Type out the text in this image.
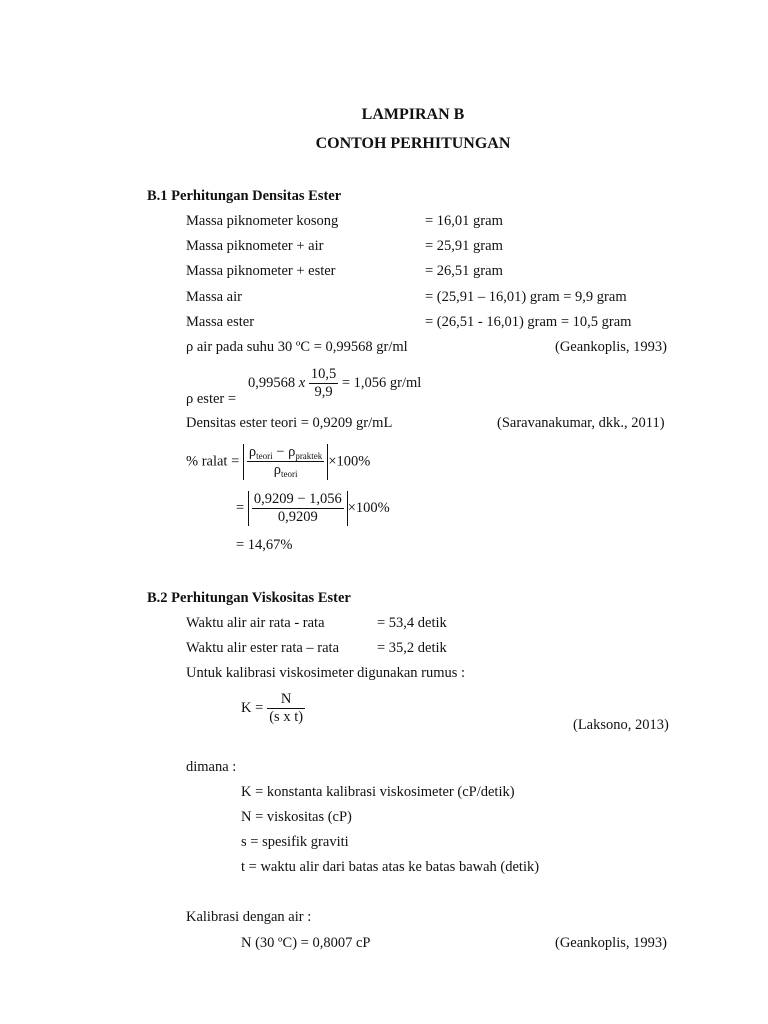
LAMPIRAN B
CONTOH PERHITUNGAN
B.1 Perhitungan Densitas Ester
Massa piknometer kosong	= 16,01 gram
Massa piknometer + air	= 25,91 gram
Massa piknometer + ester	= 26,51 gram
Massa air	= (25,91 – 16,01) gram = 9,9 gram
Massa ester	= (26,51 - 16,01) gram = 10,5 gram
ρ air pada suhu 30 ºC = 0,99568 gr/ml	(Geankoplis, 1993)
0,99568 x $\frac{10,5}{9,9} = 1,056$ gr/ml
ρ ester =
Densitas ester teori = 0,9209 gr/mL	(Saravanakumar, dkk., 2011)
% ralat = $\frac{\rho_{teori} - \rho_{praktek}}{\rho_{teori}} \times 100\%$
= $\frac{0,9209 - 1,056}{0,9209} \times 100\%$
= 14,67%
B.2 Perhitungan Viskositas Ester
Waktu alir air rata - rata	= 53,4 detik
Waktu alir ester rata – rata	= 35,2 detik
Untuk kalibrasi viskosimeter digunakan rumus :
$K = \frac{N}{\text{(s x t)}}$	(Laksono, 2013)
dimana :
K = konstanta kalibrasi viskosimeter (cP/detik)
N = viskositas (cP)
s = spesifik graviti
t = waktu alir dari batas atas ke batas bawah (detik)
Kalibrasi dengan air :
N (30 ºC) = 0,8007 cP	(Geankoplis, 1993)
